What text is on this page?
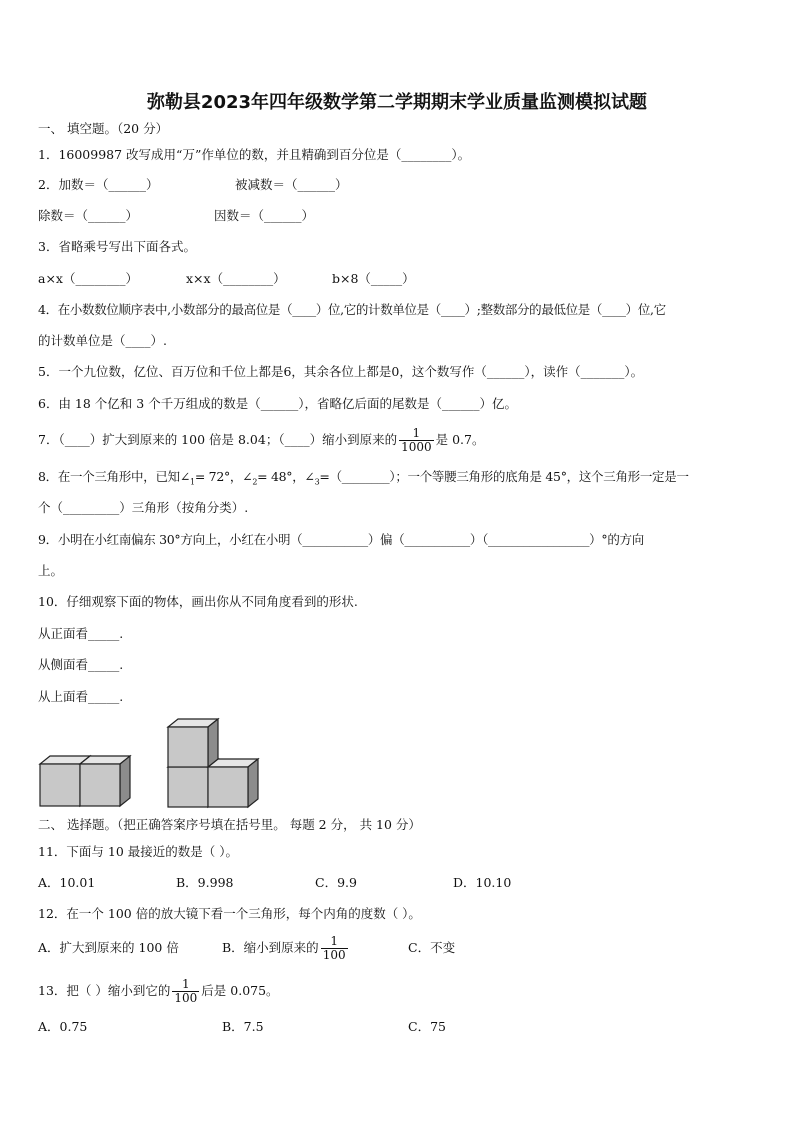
弥勒县2023年四年级数学第二学期期末学业质量监测模拟试题
一、 填空题。（20 分）
1．16009987 改写成用“万”作单位的数，并且精确到百分位是（________）。
2．加数＝（______）	被减数＝（______）
除数＝（______）	因数＝（______）
3．省略乘号写出下面各式。
a×x（________）	x×x（________）	b×8（_____）
4．在小数数位顺序表中,小数部分的最高位是（____）位,它的计数单位是（____）;整数部分的最低位是（____）位,它
的计数单位是（____）.
5．一个九位数，亿位、百万位和千位上都是6，其余各位上都是0，这个数写作（______），读作（_______）。
6．由 18 个亿和 3 个千万组成的数是（______），省略亿后面的尾数是（______）亿。
7．（____）扩大到原来的 100 倍是 8.04；（____）缩小到原来的 $\frac{1}{1000}$ 是 0.7。
8．在一个三角形中，已知$\angle_1= 72^\circ$，$\angle_2= 48^\circ$，$\angle_3=(\_\_\_\_\_\_\_\_)$；一个等腰三角形的底角是 45°，这个三角形一定是一
个（_________）三角形（按角分类）.
9．小明在小红南偏东 30°方向上，小红在小明（___________）偏（___________）（_________________）°的方向
上。
10．仔细观察下面的物体，画出你从不同角度看到的形状.
从正面看_____.
从侧面看_____.
从上面看_____.
二、 选择题。（把正确答案序号填在括号里。 每题 2 分， 共 10 分）
11．下面与 10 最接近的数是（ ）。
A．10.01	B．9.998	C．9.9	D．10.10
12．在一个 100 倍的放大镜下看一个三角形，每个内角的度数（ ）。
A．扩大到原来的 100 倍	B．缩小到原来的 $\frac{1}{100}$	C．不变
13．把（ ）缩小到它的 $\frac{1}{100}$ 后是 0.075。
A．0.75	B．7.5	C．75
